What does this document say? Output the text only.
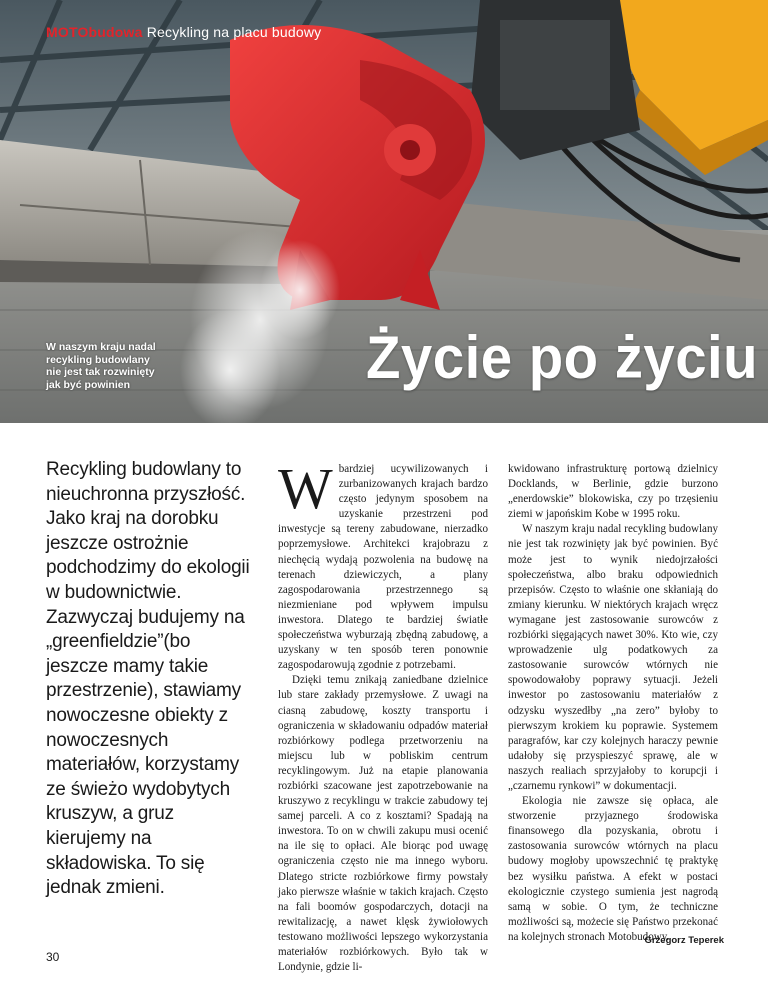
MOTObudowa Recykling na placu budowy
W naszym kraju nadal recykling budowlany nie jest tak rozwinięty jak być powinien	Życie po życiu
Recykling budowlany to nieuchronna przyszłość. Jako kraj na dorobku jeszcze ostrożnie podchodzimy do ekologii w budownictwie. Zazwyczaj budujemy na „greenfieldzie”(bo jeszcze mamy takie przestrzenie), stawiamy nowoczesne obiekty z nowoczesnych materiałów, korzystamy ze świeżo wydobytych kruszyw, a gruz kierujemy na składowiska. To się jednak zmieni.

Wbardziej ucywilizowanych i zurbanizowanych krajach bardzo często jedynym sposobem na uzyskanie przestrzeni pod inwestycje są tereny zabudowane, nierzadko poprzemysłowe. Architekci krajobrazu z niechęcią wydają pozwolenia na budowę na terenach dziewiczych, a plany zagospodarowania przestrzennego są niezmieniane pod wpływem impulsu inwestora. Dlatego te bardziej światłe społeczeństwa wyburzają zbędną zabudowę, a uzyskany w ten sposób teren ponownie zagospodarowują zgodnie z potrzebami.

Dzięki temu znikają zaniedbane dzielnice lub stare zakłady przemysłowe. Z uwagi na ciasną zabudowę, koszty transportu i ograniczenia w składowaniu odpadów materiał rozbiórkowy podlega przetworzeniu na miejscu lub w pobliskim centrum recyklingowym. Już na etapie planowania rozbiórki szacowane jest zapotrzebowanie na kruszywo z recyklingu w trakcie zabudowy tej samej parceli. A co z kosztami? Spadają na inwestora. To on w chwili zakupu musi ocenić na ile się to opłaci. Ale biorąc pod uwagę ograniczenia często nie ma innego wyboru. Dlatego stricte rozbiórkowe firmy powstały jako pierwsze właśnie w takich krajach. Często na fali boomów gospodarczych, dotacji na rewitalizację, a nawet klęsk żywiołowych testowano możliwości lepszego wykorzystania materiałów rozbiórkowych. Było tak w Londynie, gdzie li-

kwidowano infrastrukturę portową dzielnicy Docklands, w Berlinie, gdzie burzono „enerdowskie” blokowiska, czy po trzęsieniu ziemi w japońskim Kobe w 1995 roku.

W naszym kraju nadal recykling budowlany nie jest tak rozwinięty jak być powinien. Być może jest to wynik niedojrzałości społeczeństwa, albo braku odpowiednich przepisów. Często to właśnie one skłaniają do zmiany kierunku. W niektórych krajach wręcz wymagane jest zastosowanie surowców z rozbiórki sięgających nawet 30%. Kto wie, czy wprowadzenie ulg podatkowych za zastosowanie surowców wtórnych nie spowodowałoby poprawy sytuacji. Jeżeli inwestor po zastosowaniu materiałów z odzysku wyszedłby „na zero” byłoby to pierwszym krokiem ku poprawie. Systemem paragrafów, kar czy kolejnych haraczy pewnie udałoby się przyspieszyć sprawę, ale w naszych realiach sprzyjałoby to korupcji i „czarnemu rynkowi” w dokumentacji.

Ekologia nie zawsze się opłaca, ale stworzenie przyjaznego środowiska finansowego dla pozyskania, obrotu i zastosowania surowców wtórnych na placu budowy mogłoby upowszechnić tę praktykę bez wysiłku państwa. A efekt w postaci ekologicznie czystego sumienia jest nagrodą samą w sobie. O tym, że techniczne możliwości są, możecie się Państwo przekonać na kolejnych stronach Motobudowy.

Grzegorz Teperek
30
